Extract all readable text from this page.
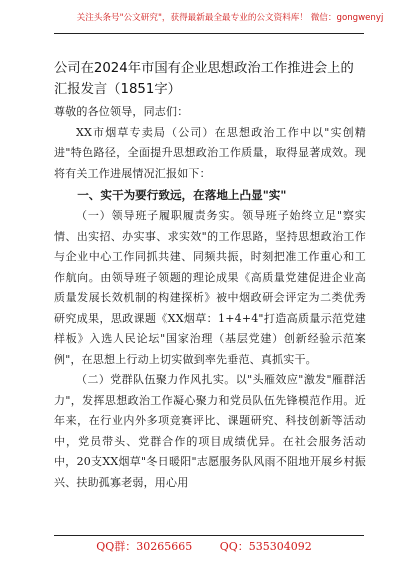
关注头条号"公文研究"，获得最新最全最专业的公文资料库！ 微信：gongwenyj
公司在2024年市国有企业思想政治工作推进会上的汇报发言（1851字）

尊敬的各位领导，同志们：

XX市烟草专卖局（公司）在思想政治工作中以"实创精进"特色路径，全面提升思想政治工作质量，取得显著成效。现将有关工作进展情况汇报如下：

一、实干为要行致远，在落地上凸显"实"

（一）领导班子履职履责务实。领导班子始终立足"察实情、出实招、办实事、求实效"的工作思路，坚持思想政治工作与企业中心工作同抓共建、同频共振，时刻把准工作重心和工作航向。由领导班子领题的理论成果《高质量党建促进企业高质量发展长效机制的构建探析》被中烟政研会评定为二类优秀研究成果，思政课题《XX烟草：1+4+4"打造高质量示范党建样板》入选人民论坛"国家治理（基层党建）创新经验示范案例"，在思想上行动上切实做到率先垂范、真抓实干。

（二）党群队伍聚力作风扎实。以"头雁效应"激发"雁群活力"，发挥思想政治工作凝心聚力和党员队伍先锋模范作用。近年来，在行业内外多项竞赛评比、课题研究、科技创新等活动中，党员带头、党群合作的项目成绩优异。在社会服务活动中，20支XX烟草"冬日暖阳"志愿服务队风雨不阻地开展乡村振兴、扶助孤寡老弱，用心用

QQ群：30265665	QQ：535304092
